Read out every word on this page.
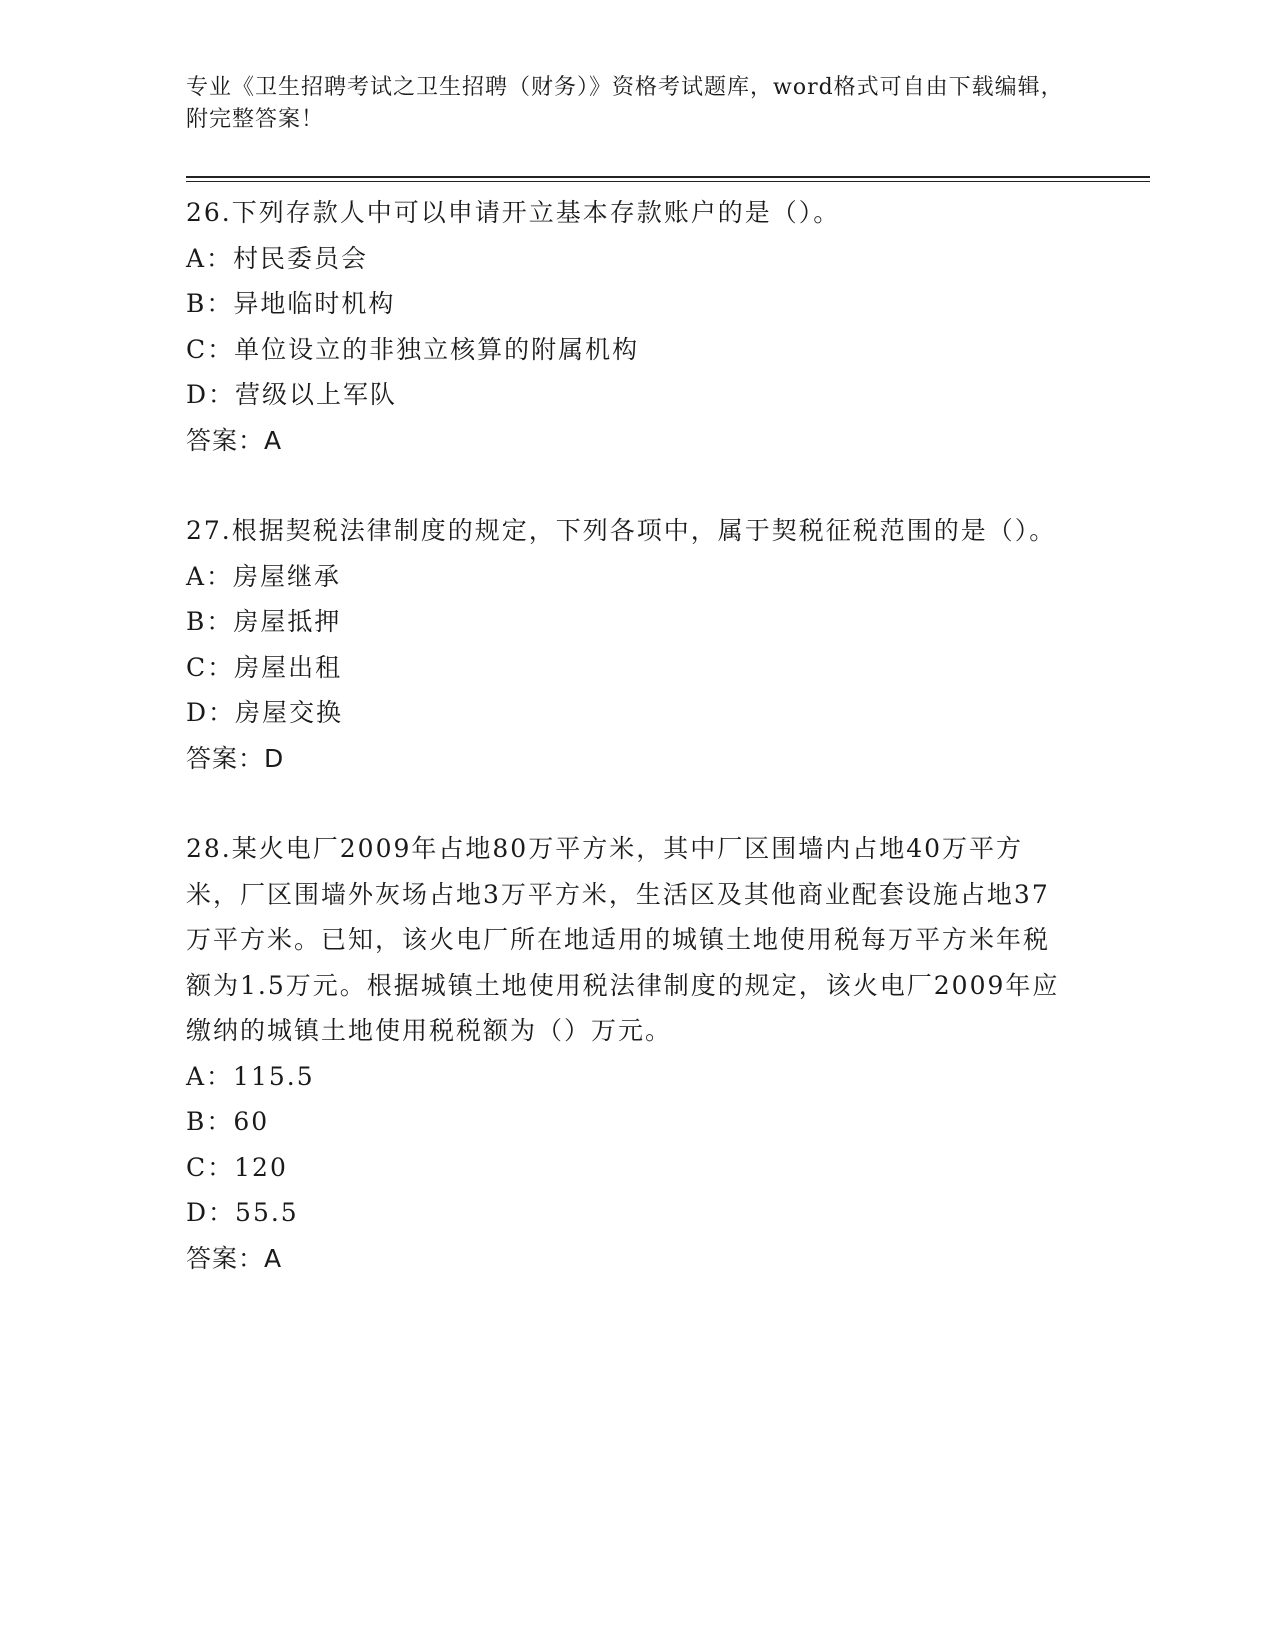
专业《卫生招聘考试之卫生招聘（财务）》资格考试题库，word格式可自由下载编辑，附完整答案！
26.下列存款人中可以申请开立基本存款账户的是（）。
A：村民委员会
B：异地临时机构
C：单位设立的非独立核算的附属机构
D：营级以上军队
答案：A
27.根据契税法律制度的规定，下列各项中，属于契税征税范围的是（）。
A：房屋继承
B：房屋抵押
C：房屋出租
D：房屋交换
答案：D
28.某火电厂2009年占地80万平方米，其中厂区围墙内占地40万平方米，厂区围墙外灰场占地3万平方米，生活区及其他商业配套设施占地37万平方米。已知，该火电厂所在地适用的城镇土地使用税每万平方米年税额为1.5万元。根据城镇土地使用税法律制度的规定，该火电厂2009年应缴纳的城镇土地使用税税额为（）万元。
A：115.5
B：60
C：120
D：55.5
答案：A
